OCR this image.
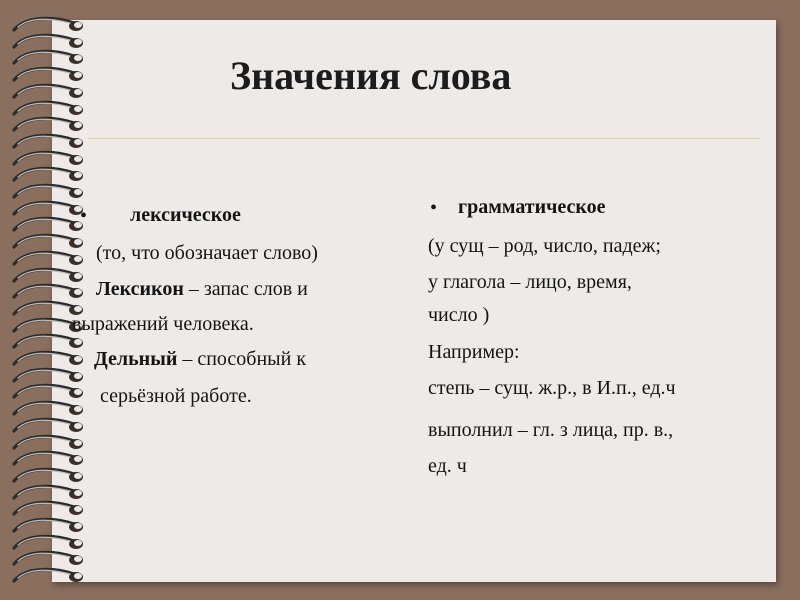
Значения слова
• лексическое
(то, что обозначает слово)
Лексикон – запас слов и
выражений человека.
Дельный – способный к
серьёзной работе.
• грамматическое
(у сущ – род, число, падеж;
у глагола – лицо, время,
число )
Например:
степь – сущ. ж.р., в И.п., ед.ч
выполнил – гл. з лица, пр. в.,
ед. ч
